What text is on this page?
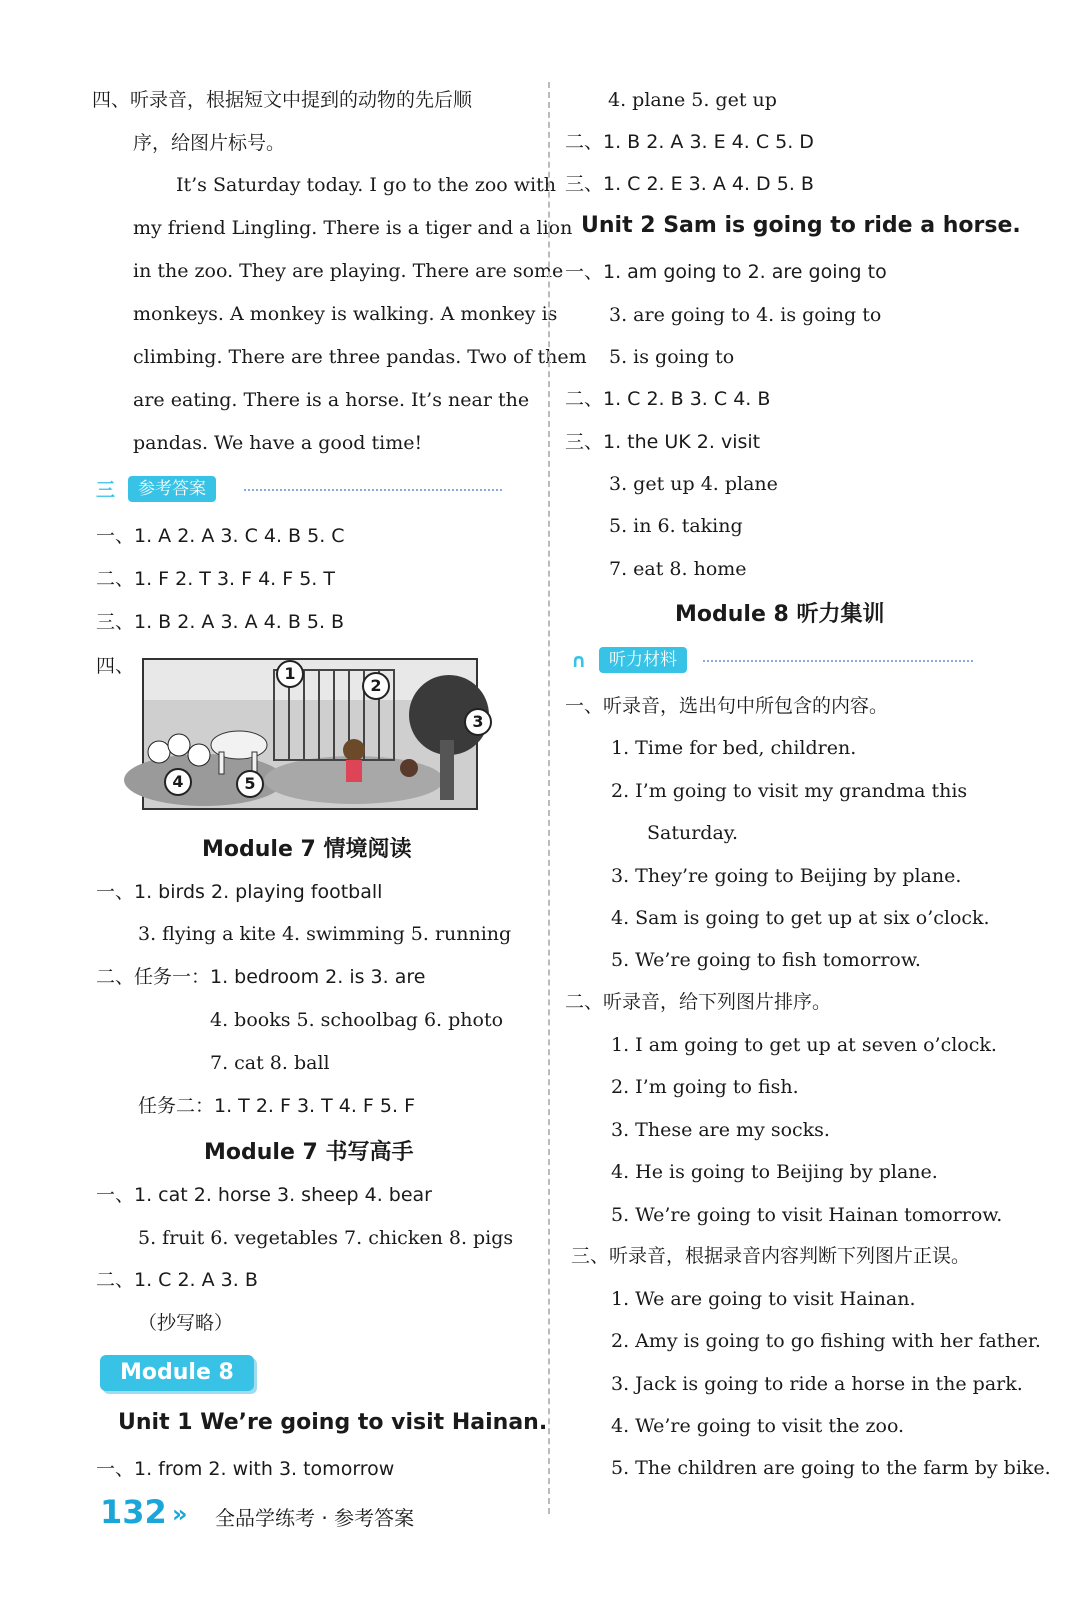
四、听录音，根据短文中提到的动物的先后顺
序，给图片标号。
It’s Saturday today. I go to the zoo with
my friend Lingling. There is a tiger and a lion
in the zoo. They are playing. There are some
monkeys. A monkey is walking. A monkey is
climbing. There are three pandas. Two of them
are eating. There is a horse. It’s near the
pandas. We have a good time!
三	参考答案
一、1. A 2. A 3. C 4. B 5. C
二、1. F 2. T 3. F 4. F 5. T
三、1. B 2. A 3. A 4. B 5. B
四、	1
2
3
4	5
Module 7 情境阅读
一、1. birds 2. playing football
3. flying a kite 4. swimming 5. running
二、任务一：1. bedroom 2. is 3. are
4. books 5. schoolbag 6. photo
7. cat 8. ball
任务二：1. T 2. F 3. T 4. F 5. F
Module 7 书写高手
一、1. cat 2. horse 3. sheep 4. bear
5. fruit 6. vegetables 7. chicken 8. pigs
二、1. C 2. A 3. B
（抄写略）
Module 8
Unit 1 We’re going to visit Hainan.
一、1. from 2. with 3. tomorrow
4. plane 5. get up
二、1. B 2. A 3. E 4. C 5. D
三、1. C 2. E 3. A 4. D 5. B
Unit 2 Sam is going to ride a horse.
一、1. am going to 2. are going to
3. are going to 4. is going to
5. is going to
二、1. C 2. B 3. C 4. B
三、1. the UK 2. visit
3. get up 4. plane
5. in 6. taking
7. eat 8. home
Module 8 听力集训
∩	听力材料
一、听录音，选出句中所包含的内容。
1. Time for bed, children.
2. I’m going to visit my grandma this
Saturday.
3. They’re going to Beijing by plane.
4. Sam is going to get up at six o’clock.
5. We’re going to fish tomorrow.
二、听录音，给下列图片排序。
1. I am going to get up at seven o’clock.
2. I’m going to fish.
3. These are my socks.
4. He is going to Beijing by plane.
5. We’re going to visit Hainan tomorrow.
三、听录音，根据录音内容判断下列图片正误。
1. We are going to visit Hainan.
2. Amy is going to go fishing with her father.
3. Jack is going to ride a horse in the park.
4. We’re going to visit the zoo.
5. The children are going to the farm by bike.
132 » 全品学练考 · 参考答案
